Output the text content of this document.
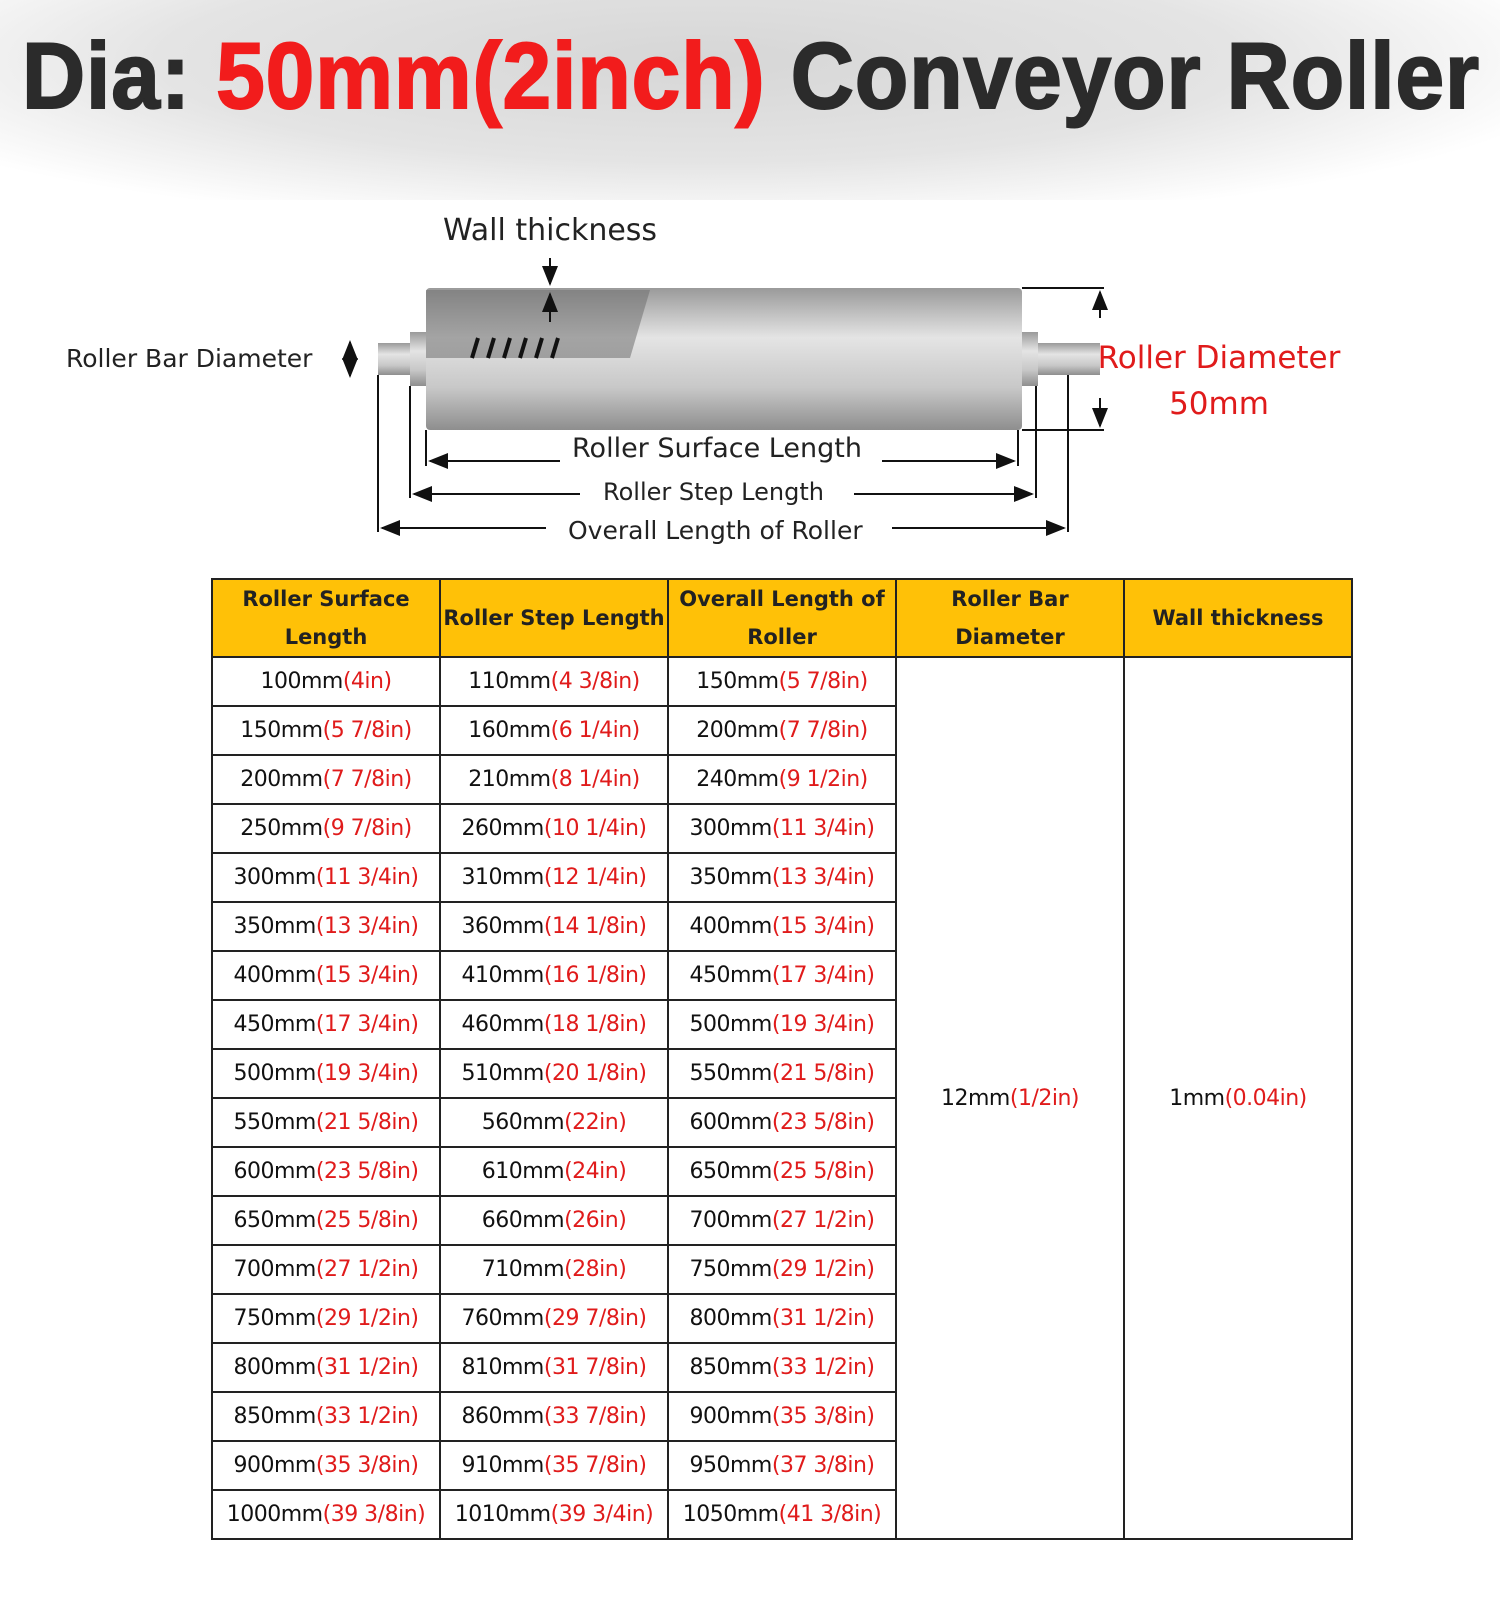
Dia: 50mm(2inch) Conveyor Roller
Wall thickness
Roller Bar Diameter	Roller Diameter
50mm
Roller Surface Length
Roller Step Length
Overall Length of Roller
Roller Surface Length	Roller Step Length	Overall Length of Roller	Roller Bar Diameter	Wall thickness
100mm(4in)	110mm(4 3/8in)	150mm(5 7/8in)	12mm(1/2in)	1mm(0.04in)
150mm(5 7/8in)	160mm(6 1/4in)	200mm(7 7/8in)		
200mm(7 7/8in)	210mm(8 1/4in)	240mm(9 1/2in)		
250mm(9 7/8in)	260mm(10 1/4in)	300mm(11 3/4in)		
300mm(11 3/4in)	310mm(12 1/4in)	350mm(13 3/4in)		
350mm(13 3/4in)	360mm(14 1/8in)	400mm(15 3/4in)		
400mm(15 3/4in)	410mm(16 1/8in)	450mm(17 3/4in)		
450mm(17 3/4in)	460mm(18 1/8in)	500mm(19 3/4in)		
500mm(19 3/4in)	510mm(20 1/8in)	550mm(21 5/8in)		
550mm(21 5/8in)	560mm(22in)	600mm(23 5/8in)		
600mm(23 5/8in)	610mm(24in)	650mm(25 5/8in)		
650mm(25 5/8in)	660mm(26in)	700mm(27 1/2in)		
700mm(27 1/2in)	710mm(28in)	750mm(29 1/2in)		
750mm(29 1/2in)	760mm(29 7/8in)	800mm(31 1/2in)		
800mm(31 1/2in)	810mm(31 7/8in)	850mm(33 1/2in)		
850mm(33 1/2in)	860mm(33 7/8in)	900mm(35 3/8in)		
900mm(35 3/8in)	910mm(35 7/8in)	950mm(37 3/8in)		
1000mm(39 3/8in)	1010mm(39 3/4in)	1050mm(41 3/8in)		
